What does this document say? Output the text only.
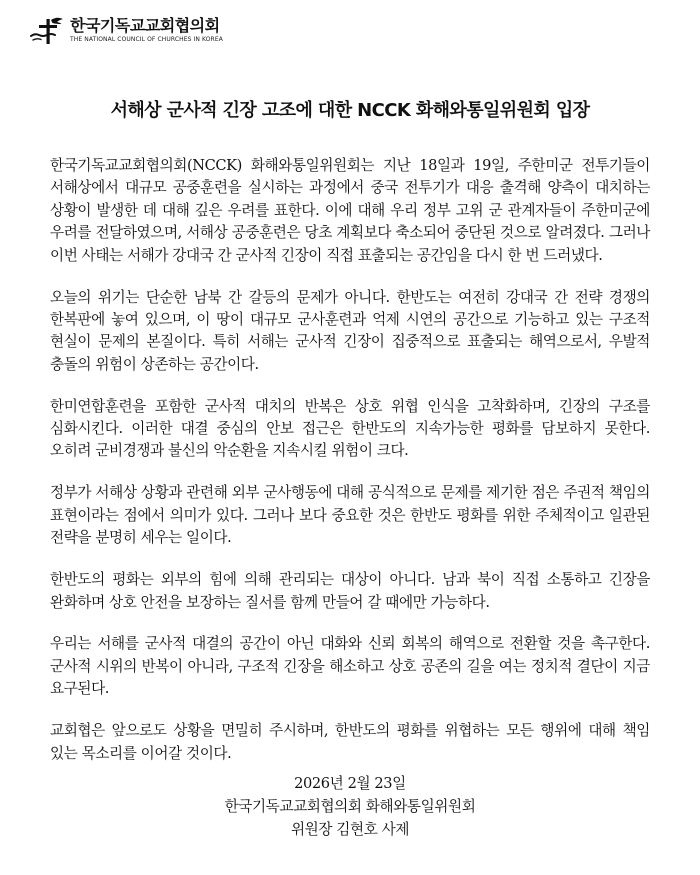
한국기독교교회협의회
THE NATIONAL COUNCIL OF CHURCHES IN KOREA
서해상 군사적 긴장 고조에 대한 NCCK 화해와통일위원회 입장

한국기독교교회협의회(NCCK) 화해와통일위원회는 지난 18일과 19일, 주한미군 전투기들이 서해상에서 대규모 공중훈련을 실시하는 과정에서 중국 전투기가 대응 출격해 양측이 대치하는 상황이 발생한 데 대해 깊은 우려를 표한다. 이에 대해 우리 정부 고위 군 관계자들이 주한미군에 우려를 전달하였으며, 서해상 공중훈련은 당초 계획보다 축소되어 중단된 것으로 알려졌다. 그러나 이번 사태는 서해가 강대국 간 군사적 긴장이 직접 표출되는 공간임을 다시 한 번 드러냈다.

오늘의 위기는 단순한 남북 간 갈등의 문제가 아니다. 한반도는 여전히 강대국 간 전략 경쟁의 한복판에 놓여 있으며, 이 땅이 대규모 군사훈련과 억제 시연의 공간으로 기능하고 있는 구조적 현실이 문제의 본질이다. 특히 서해는 군사적 긴장이 집중적으로 표출되는 해역으로서, 우발적 충돌의 위험이 상존하는 공간이다.

한미연합훈련을 포함한 군사적 대치의 반복은 상호 위협 인식을 고착화하며, 긴장의 구조를 심화시킨다. 이러한 대결 중심의 안보 접근은 한반도의 지속가능한 평화를 담보하지 못한다. 오히려 군비경쟁과 불신의 악순환을 지속시킬 위험이 크다.

정부가 서해상 상황과 관련해 외부 군사행동에 대해 공식적으로 문제를 제기한 점은 주권적 책임의 표현이라는 점에서 의미가 있다. 그러나 보다 중요한 것은 한반도 평화를 위한 주체적이고 일관된 전략을 분명히 세우는 일이다.

한반도의 평화는 외부의 힘에 의해 관리되는 대상이 아니다. 남과 북이 직접 소통하고 긴장을 완화하며 상호 안전을 보장하는 질서를 함께 만들어 갈 때에만 가능하다.

우리는 서해를 군사적 대결의 공간이 아닌 대화와 신뢰 회복의 해역으로 전환할 것을 촉구한다. 군사적 시위의 반복이 아니라, 구조적 긴장을 해소하고 상호 공존의 길을 여는 정치적 결단이 지금 요구된다.

교회협은 앞으로도 상황을 면밀히 주시하며, 한반도의 평화를 위협하는 모든 행위에 대해 책임 있는 목소리를 이어갈 것이다.

2026년 2월 23일
한국기독교교회협의회 화해와통일위원회
위원장 김현호 사제
